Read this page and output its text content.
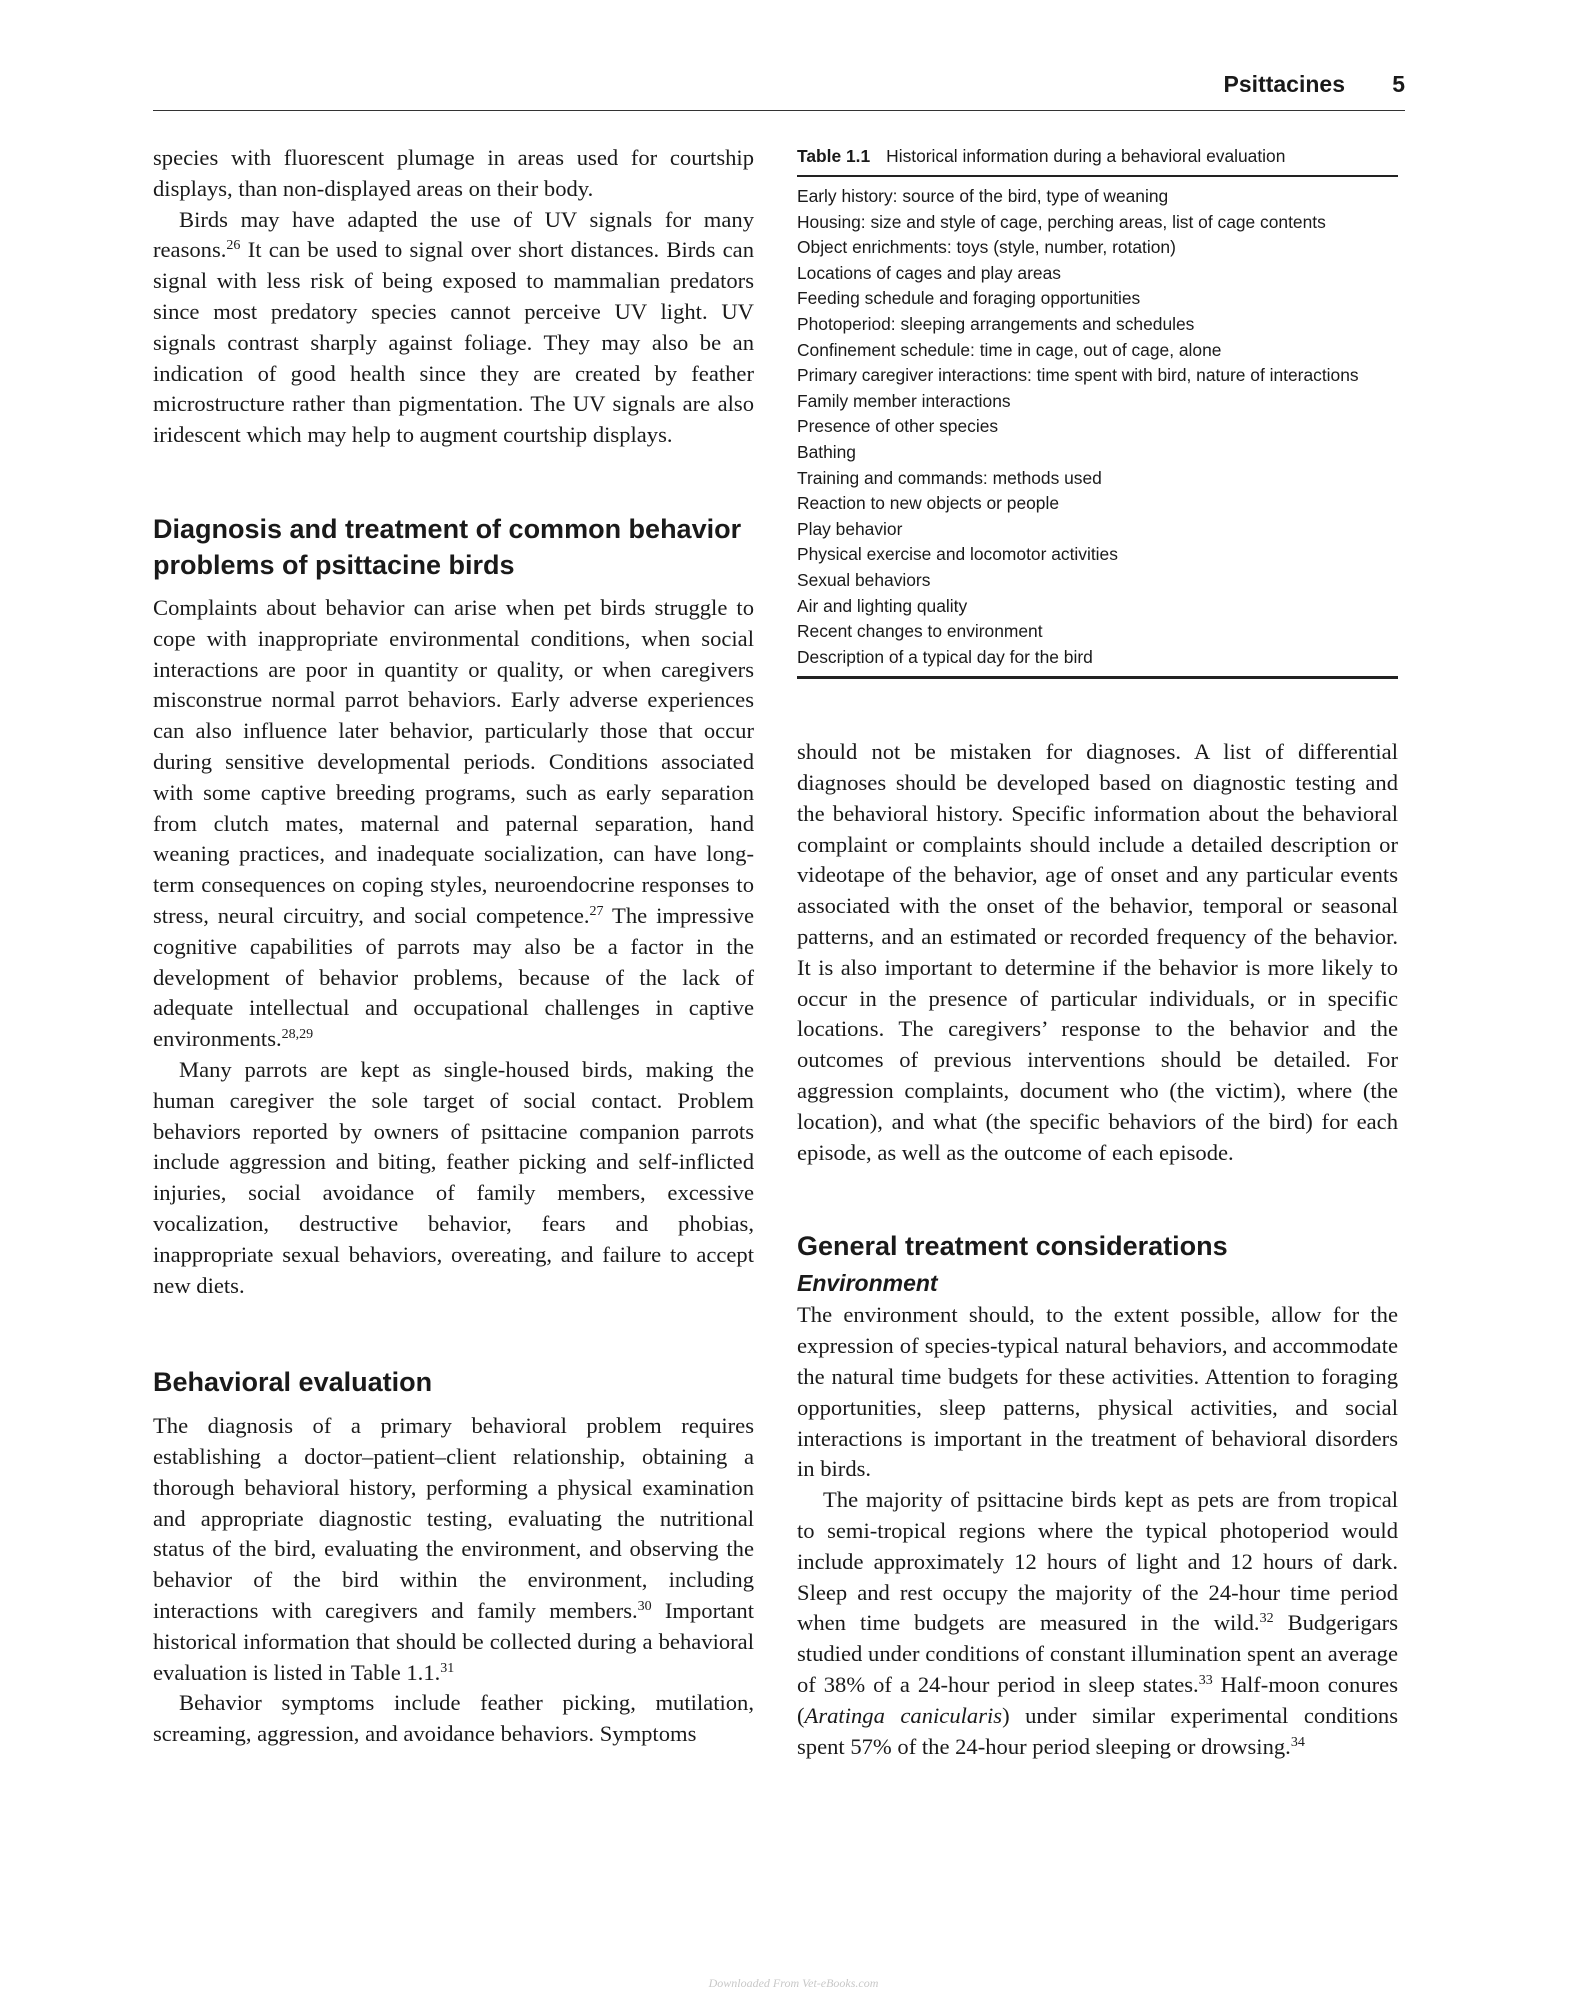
Psittacines 5

species with fluorescent plumage in areas used for courtship displays, than non-displayed areas on their body.

Birds may have adapted the use of UV signals for many reasons.$^{26}$ It can be used to signal over short distances. Birds can signal with less risk of being exposed to mammalian predators since most predatory species cannot perceive UV light. UV signals contrast sharply against foliage. They may also be an indication of good health since they are created by feather microstructure rather than pigmentation. The UV signals are also iridescent which may help to augment courtship displays.

Diagnosis and treatment of common behavior problems of psittacine birds

Complaints about behavior can arise when pet birds struggle to cope with inappropriate environmental conditions, when social interactions are poor in quantity or quality, or when caregivers misconstrue normal parrot behaviors. Early adverse experiences can also influence later behavior, particularly those that occur during sensitive developmental periods. Conditions associated with some captive breeding programs, such as early separation from clutch mates, maternal and paternal separation, hand weaning practices, and inadequate socialization, can have long-term consequences on coping styles, neuroendocrine responses to stress, neural circuitry, and social competence.$^{27}$ The impressive cognitive capabilities of parrots may also be a factor in the development of behavior problems, because of the lack of adequate intellectual and occupational challenges in captive environments.$^{28,29}$

Many parrots are kept as single-housed birds, making the human caregiver the sole target of social contact. Problem behaviors reported by owners of psittacine companion parrots include aggression and biting, feather picking and self-inflicted injuries, social avoidance of family members, excessive vocalization, destructive behavior, fears and phobias, inappropriate sexual behaviors, overeating, and failure to accept new diets.

Behavioral evaluation

The diagnosis of a primary behavioral problem requires establishing a doctor–patient–client relationship, obtaining a thorough behavioral history, performing a physical examination and appropriate diagnostic testing, evaluating the nutritional status of the bird, evaluating the environment, and observing the behavior of the bird within the environment, including interactions with caregivers and family members.$^{30}$ Important historical information that should be collected during a behavioral evaluation is listed in Table 1.1.31

Behavior symptoms include feather picking, mutilation, screaming, aggression, and avoidance behaviors. Symptoms

Table 1.1 Historical information during a behavioral evaluation
Early history: source of the bird, type of weaning
Housing: size and style of cage, perching areas, list of cage contents
Object enrichments: toys (style, number, rotation)
Locations of cages and play areas
Feeding schedule and foraging opportunities
Photoperiod: sleeping arrangements and schedules
Confinement schedule: time in cage, out of cage, alone
Primary caregiver interactions: time spent with bird, nature of interactions
Family member interactions
Presence of other species
Bathing
Training and commands: methods used
Reaction to new objects or people
Play behavior
Physical exercise and locomotor activities
Sexual behaviors
Air and lighting quality
Recent changes to environment
Description of a typical day for the bird

should not be mistaken for diagnoses. A list of differential diagnoses should be developed based on diagnostic testing and the behavioral history. Specific information about the behavioral complaint or complaints should include a detailed description or videotape of the behavior, age of onset and any particular events associated with the onset of the behavior, temporal or seasonal patterns, and an estimated or recorded frequency of the behavior. It is also important to determine if the behavior is more likely to occur in the presence of particular individuals, or in specific locations. The caregivers’ response to the behavior and the outcomes of previous interventions should be detailed. For aggression complaints, document who (the victim), where (the location), and what (the specific behaviors of the bird) for each episode, as well as the outcome of each episode.

General treatment considerations
Environment

The environment should, to the extent possible, allow for the expression of species-typical natural behaviors, and accommodate the natural time budgets for these activities. Attention to foraging opportunities, sleep patterns, physical activities, and social interactions is important in the treatment of behavioral disorders in birds.

The majority of psittacine birds kept as pets are from tropical to semi-tropical regions where the typical photoperiod would include approximately 12 hours of light and 12 hours of dark. Sleep and rest occupy the majority of the 24-hour time period when time budgets are measured in the wild.$^{32}$ Budgerigars studied under conditions of constant illumination spent an average of 38% of a 24-hour period in sleep states.$^{33}$ Half-moon conures (Aratinga canicularis) under similar experimental conditions spent 57% of the 24-hour period sleeping or drowsing.$^{34}$

Downloaded From Vet-eBooks.com
